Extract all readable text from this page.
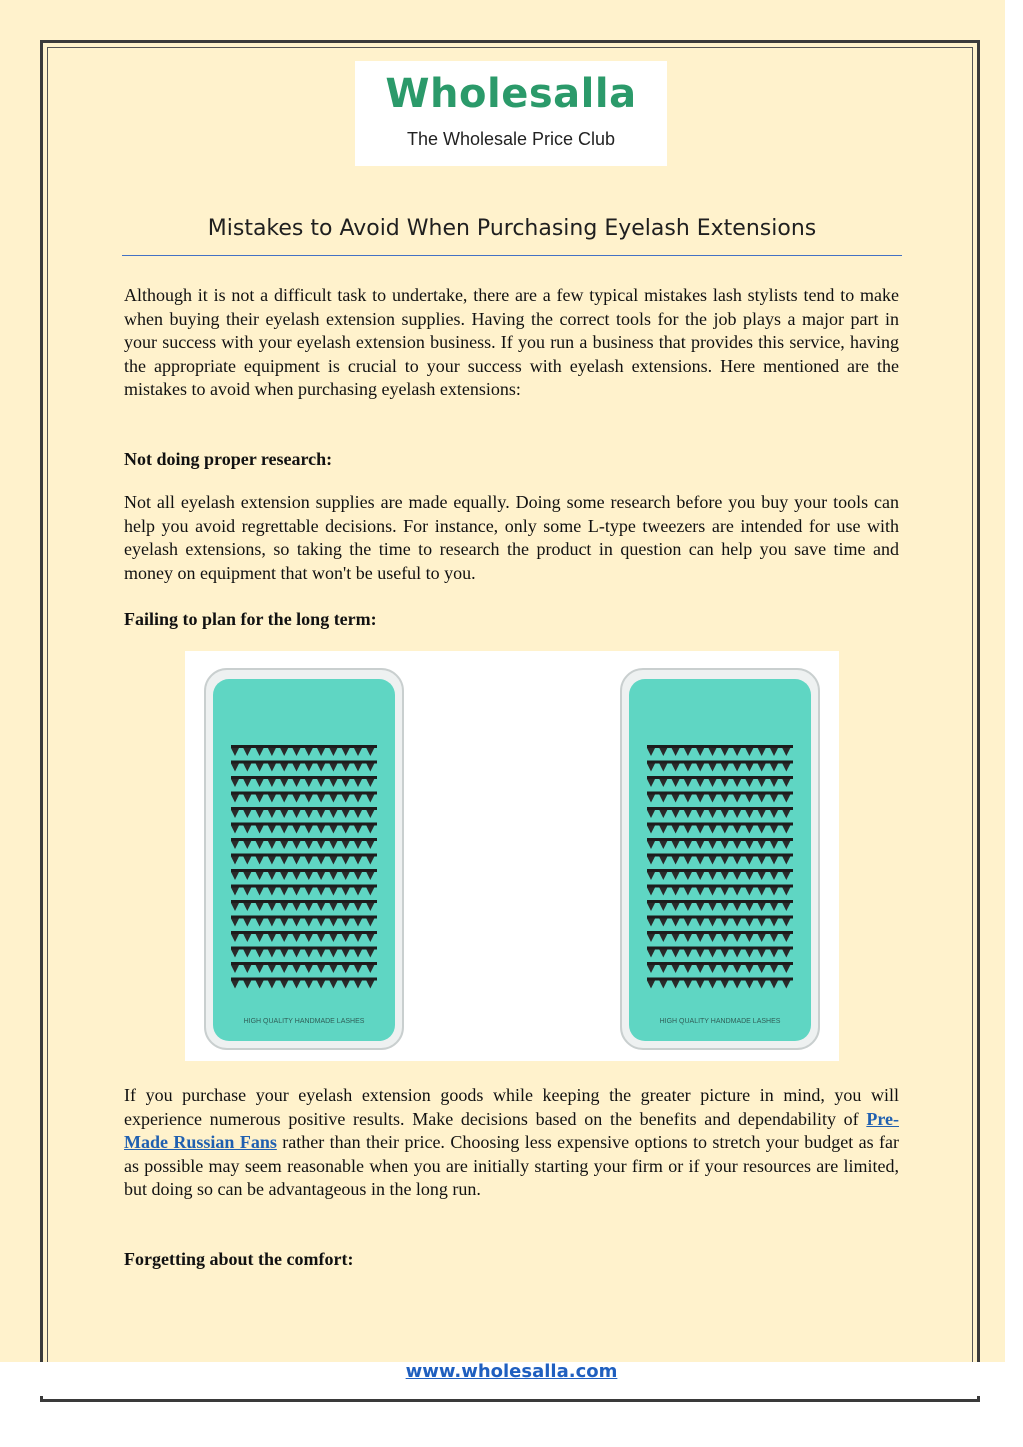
Wholesalla
The Wholesale Price Club
Mistakes to Avoid When Purchasing Eyelash Extensions

Although it is not a difficult task to undertake, there are a few typical mistakes lash stylists tend to make when buying their eyelash extension supplies. Having the correct tools for the job plays a major part in your success with your eyelash extension business. If you run a business that provides this service, having the appropriate equipment is crucial to your success with eyelash extensions. Here mentioned are the mistakes to avoid when purchasing eyelash extensions:

Not doing proper research:

Not all eyelash extension supplies are made equally. Doing some research before you buy your tools can help you avoid regrettable decisions. For instance, only some L-type tweezers are intended for use with eyelash extensions, so taking the time to research the product in question can help you save time and money on equipment that won't be useful to you.

Failing to plan for the long term:

HIGH QUALITY HANDMADE LASHES	HIGH QUALITY HANDMADE LASHES

If you purchase your eyelash extension goods while keeping the greater picture in mind, you will experience numerous positive results. Make decisions based on the benefits and dependability of Pre-Made Russian Fans rather than their price. Choosing less expensive options to stretch your budget as far as possible may seem reasonable when you are initially starting your firm or if your resources are limited, but doing so can be advantageous in the long run.

Forgetting about the comfort:

www.wholesalla.com
